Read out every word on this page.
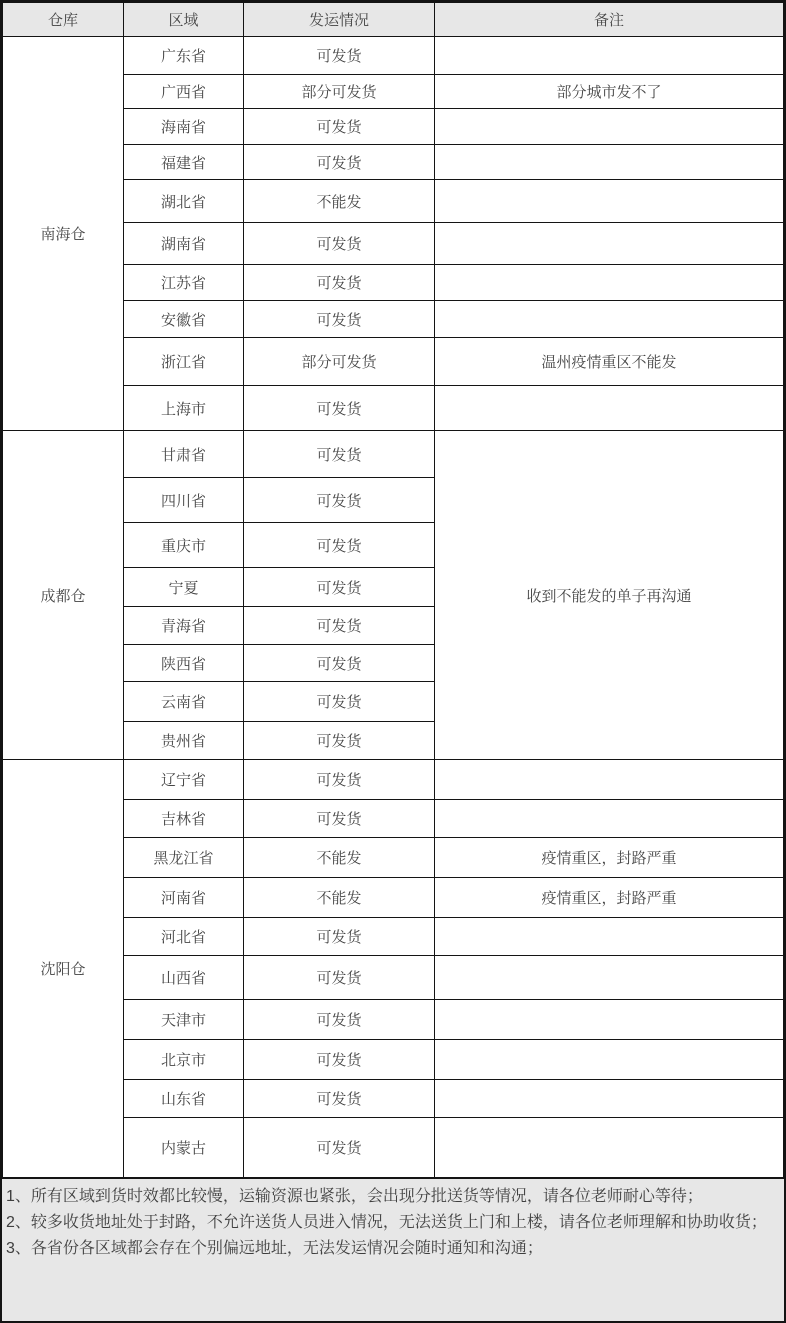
仓库	区域	发运情况	备注
南海仓	广东省	可发货	
	广西省	部分可发货	部分城市发不了
	海南省	可发货	
	福建省	可发货	
	湖北省	不能发	
	湖南省	可发货	
	江苏省	可发货	
	安徽省	可发货	
	浙江省	部分可发货	温州疫情重区不能发
	上海市	可发货	
成都仓	甘肃省	可发货	收到不能发的单子再沟通
	四川省	可发货	
	重庆市	可发货	
	宁夏	可发货	
	青海省	可发货	
	陕西省	可发货	
	云南省	可发货	
	贵州省	可发货	
沈阳仓	辽宁省	可发货	
	吉林省	可发货	
	黑龙江省	不能发	疫情重区，封路严重
	河南省	不能发	疫情重区，封路严重
	河北省	可发货	
	山西省	可发货	
	天津市	可发货	
	北京市	可发货	
	山东省	可发货	
	内蒙古	可发货	

1、所有区域到货时效都比较慢，运输资源也紧张，会出现分批送货等情况，请各位老师耐心等待；

2、较多收货地址处于封路，不允许送货人员进入情况，无法送货上门和上楼，请各位老师理解和协助收货；

3、各省份各区域都会存在个别偏远地址，无法发运情况会随时通知和沟通；
